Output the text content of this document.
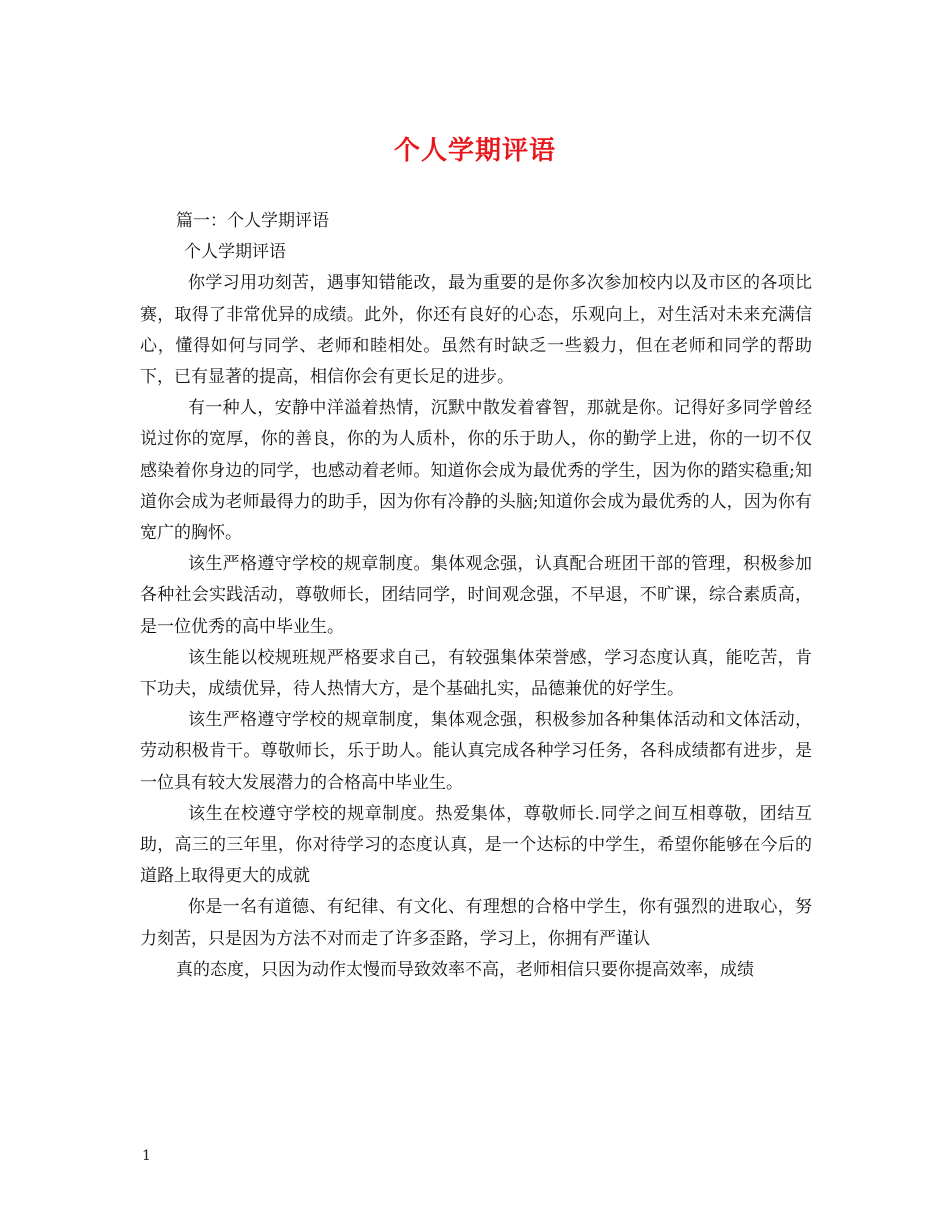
个人学期评语
篇一：个人学期评语
个人学期评语

你学习用功刻苦，遇事知错能改，最为重要的是你多次参加校内以及市区的各项比赛，取得了非常优异的成绩。此外，你还有良好的心态，乐观向上，对生活对未来充满信心，懂得如何与同学、老师和睦相处。虽然有时缺乏一些毅力，但在老师和同学的帮助下，已有显著的提高，相信你会有更长足的进步。

有一种人，安静中洋溢着热情，沉默中散发着睿智，那就是你。记得好多同学曾经说过你的宽厚，你的善良，你的为人质朴，你的乐于助人，你的勤学上进，你的一切不仅感染着你身边的同学，也感动着老师。知道你会成为最优秀的学生，因为你的踏实稳重;知道你会成为老师最得力的助手，因为你有冷静的头脑;知道你会成为最优秀的人，因为你有宽广的胸怀。

该生严格遵守学校的规章制度。集体观念强，认真配合班团干部的管理，积极参加各种社会实践活动，尊敬师长，团结同学，时间观念强，不早退，不旷课，综合素质高，是一位优秀的高中毕业生。

该生能以校规班规严格要求自己，有较强集体荣誉感，学习态度认真，能吃苦，肯下功夫，成绩优异，待人热情大方，是个基础扎实，品德兼优的好学生。

该生严格遵守学校的规章制度，集体观念强，积极参加各种集体活动和文体活动，劳动积极肯干。尊敬师长，乐于助人。能认真完成各种学习任务，各科成绩都有进步，是一位具有较大发展潜力的合格高中毕业生。

该生在校遵守学校的规章制度。热爱集体，尊敬师长.同学之间互相尊敬，团结互助，高三的三年里，你对待学习的态度认真，是一个达标的中学生，希望你能够在今后的道路上取得更大的成就

你是一名有道德、有纪律、有文化、有理想的合格中学生，你有强烈的进取心，努力刻苦，只是因为方法不对而走了许多歪路，学习上，你拥有严谨认

真的态度，只因为动作太慢而导致效率不高，老师相信只要你提高效率，成绩

1
